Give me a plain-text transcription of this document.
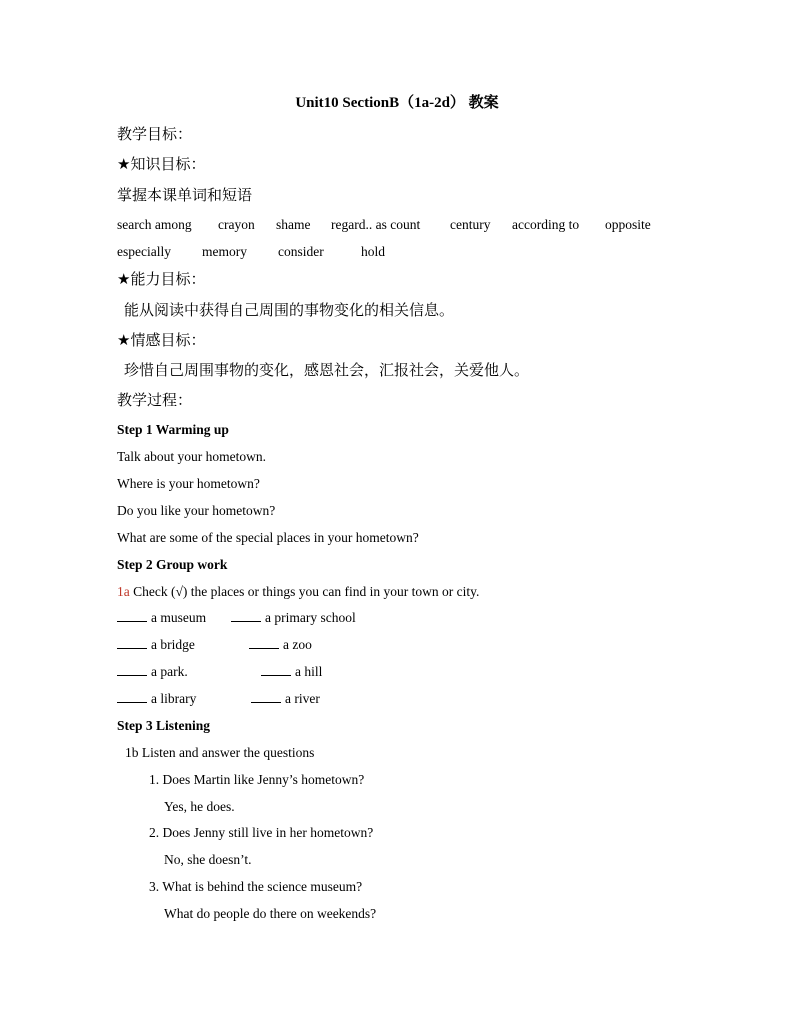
Unit10 SectionB（1a-2d） 教案
教学目标：
★知识目标：
掌握本课单词和短语
search among crayon shame regard.. as count century according to opposite
especially memory consider	hold
★能力目标：
能从阅读中获得自己周围的事物变化的相关信息。
★情感目标：
珍惜自己周围事物的变化，感恩社会，汇报社会，关爱他人。
教学过程：
Step 1 Warming up
Talk about your hometown.
Where is your hometown?
Do you like your hometown?
What are some of the special places in your hometown?
Step 2 Group work
1a Check (√) the places or things you can find in your town or city.
a museum	a primary school
a bridge	a zoo
a park.	a hill
a library	a river
Step 3 Listening
1b Listen and answer the questions
1. Does Martin like Jenny’s hometown?
Yes, he does.
2. Does Jenny still live in her hometown?
No, she doesn’t.
3. What is behind the science museum?
What do people do there on weekends?
